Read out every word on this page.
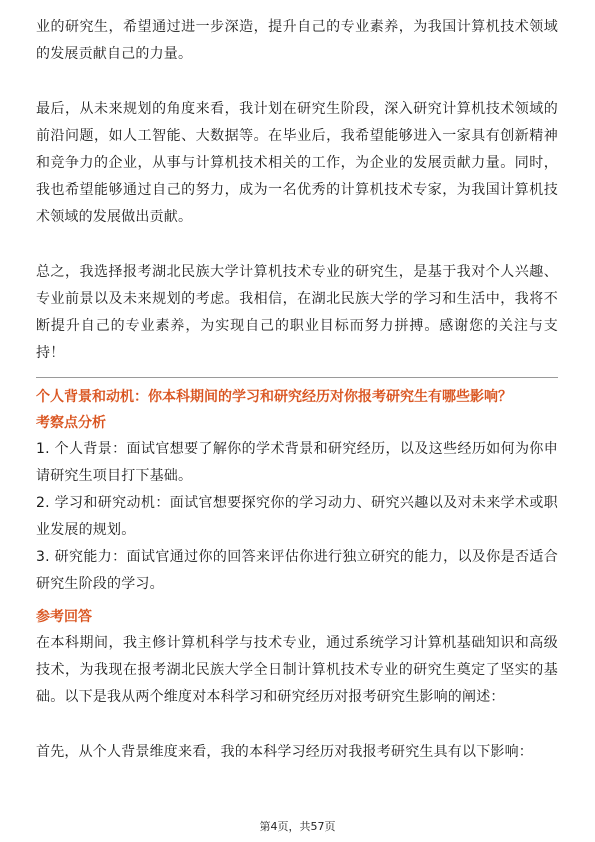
业的研究生，希望通过进一步深造，提升自己的专业素养，为我国计算机技术领域的发展贡献自己的力量。

最后，从未来规划的角度来看，我计划在研究生阶段，深入研究计算机技术领域的前沿问题，如人工智能、大数据等。在毕业后，我希望能够进入一家具有创新精神和竞争力的企业，从事与计算机技术相关的工作，为企业的发展贡献力量。同时，我也希望能够通过自己的努力，成为一名优秀的计算机技术专家，为我国计算机技术领域的发展做出贡献。

总之，我选择报考湖北民族大学计算机技术专业的研究生，是基于我对个人兴趣、专业前景以及未来规划的考虑。我相信，在湖北民族大学的学习和生活中，我将不断提升自己的专业素养，为实现自己的职业目标而努力拼搏。感谢您的关注与支持！

个人背景和动机：你本科期间的学习和研究经历对你报考研究生有哪些影响？
考察点分析

1. 个人背景：面试官想要了解你的学术背景和研究经历，以及这些经历如何为你申请研究生项目打下基础。

2. 学习和研究动机：面试官想要探究你的学习动力、研究兴趣以及对未来学术或职业发展的规划。

3. 研究能力：面试官通过你的回答来评估你进行独立研究的能力，以及你是否适合研究生阶段的学习。

参考回答

在本科期间，我主修计算机科学与技术专业，通过系统学习计算机基础知识和高级技术，为我现在报考湖北民族大学全日制计算机技术专业的研究生奠定了坚实的基础。以下是我从两个维度对本科学习和研究经历对报考研究生影响的阐述：

首先，从个人背景维度来看，我的本科学习经历对我报考研究生具有以下影响：

第4页，共57页
